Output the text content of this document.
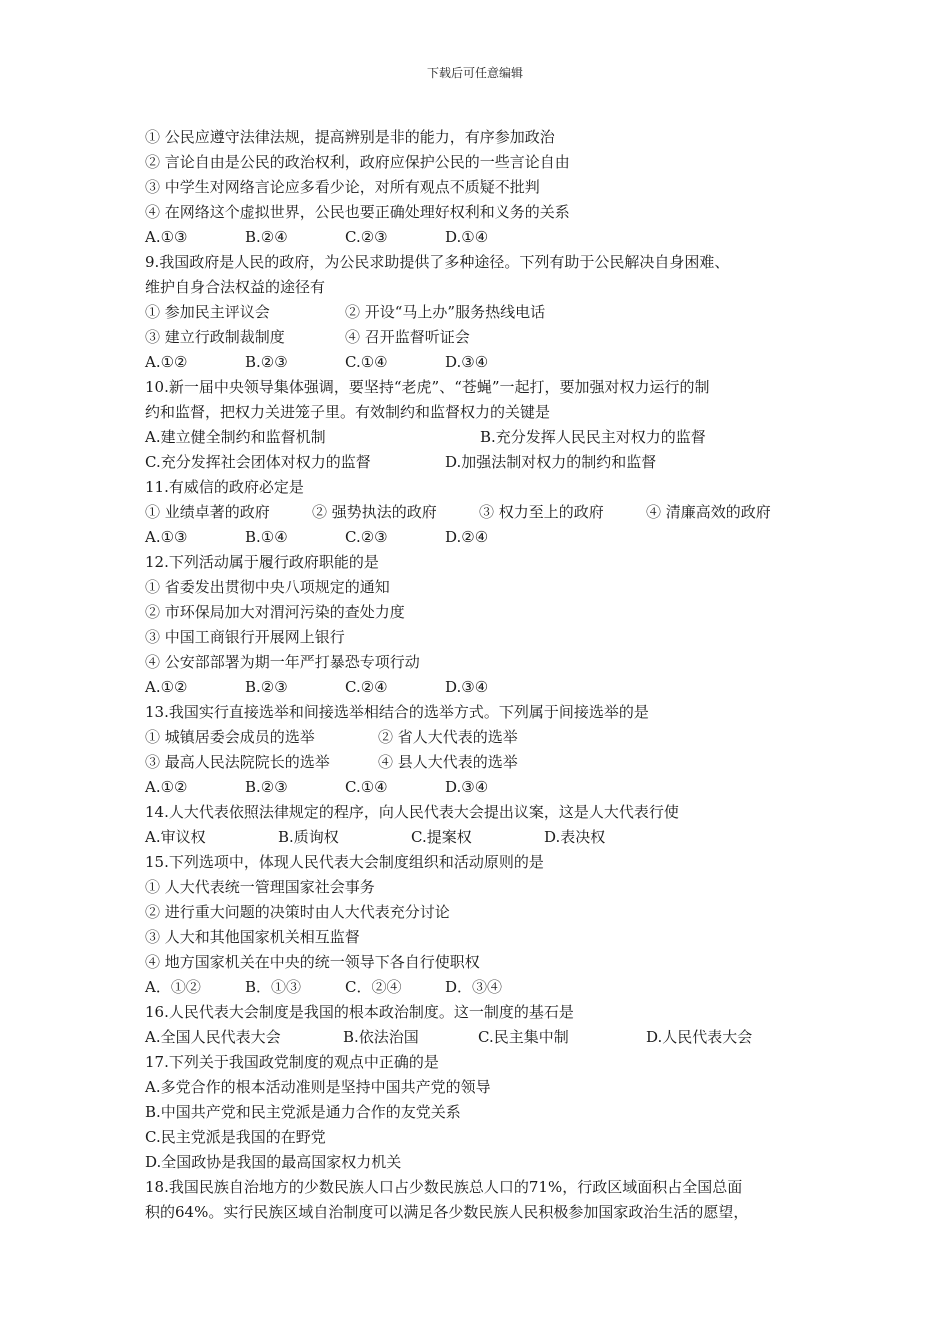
下载后可任意编辑
① 公民应遵守法律法规，提高辨别是非的能力，有序参加政治
② 言论自由是公民的政治权利，政府应保护公民的一些言论自由
③ 中学生对网络言论应多看少论，对所有观点不质疑不批判
④ 在网络这个虚拟世界，公民也要正确处理好权利和义务的关系
A.①③	B.②④	C.②③	D.①④
9.我国政府是人民的政府，为公民求助提供了多种途径。下列有助于公民解决自身困难、
维护自身合法权益的途径有
① 参加民主评议会	② 开设“马上办”服务热线电话
③ 建立行政制裁制度	④ 召开监督听证会
A.①②	B.②③	C.①④	D.③④
10.新一届中央领导集体强调，要坚持“老虎”、“苍蝇”一起打，要加强对权力运行的制
约和监督，把权力关进笼子里。有效制约和监督权力的关键是
A.建立健全制约和监督机制	B.充分发挥人民民主对权力的监督
C.充分发挥社会团体对权力的监督	D.加强法制对权力的制约和监督
11.有威信的政府必定是
① 业绩卓著的政府	② 强势执法的政府	③ 权力至上的政府	④ 清廉高效的政府
A.①③	B.①④	C.②③	D.②④
12.下列活动属于履行政府职能的是
① 省委发出贯彻中央八项规定的通知
② 市环保局加大对渭河污染的查处力度
③ 中国工商银行开展网上银行
④ 公安部部署为期一年严打暴恐专项行动
A.①②	B.②③	C.②④	D.③④
13.我国实行直接选举和间接选举相结合的选举方式。下列属于间接选举的是
① 城镇居委会成员的选举	② 省人大代表的选举
③ 最高人民法院院长的选举	④ 县人大代表的选举
A.①②	B.②③	C.①④	D.③④
14.人大代表依照法律规定的程序，向人民代表大会提出议案，这是人大代表行使
A.审议权	B.质询权	C.提案权	D.表决权
15.下列选项中，体现人民代表大会制度组织和活动原则的是
① 人大代表统一管理国家社会事务
② 进行重大问题的决策时由人大代表充分讨论
③ 人大和其他国家机关相互监督
④ 地方国家机关在中央的统一领导下各自行使职权
A．①②	B．①③	C．②④	D．③④
16.人民代表大会制度是我国的根本政治制度。这一制度的基石是
A.全国人民代表大会	B.依法治国	C.民主集中制	D.人民代表大会
17.下列关于我国政党制度的观点中正确的是
A.多党合作的根本活动准则是坚持中国共产党的领导
B.中国共产党和民主党派是通力合作的友党关系
C.民主党派是我国的在野党
D.全国政协是我国的最高国家权力机关
18.我国民族自治地方的少数民族人口占少数民族总人口的71%，行政区域面积占全国总面
积的64%。实行民族区域自治制度可以满足各少数民族人民积极参加国家政治生活的愿望，
